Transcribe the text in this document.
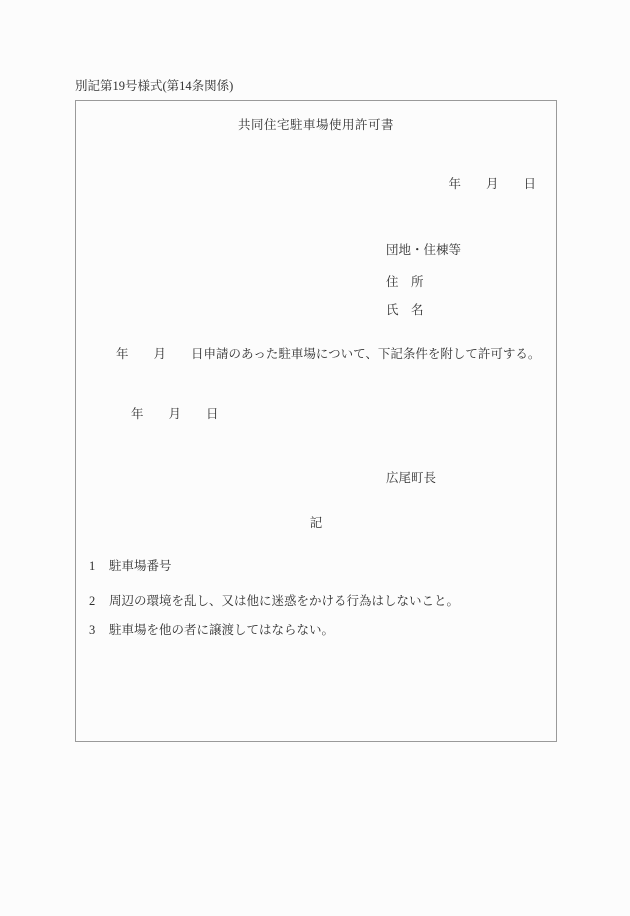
別記第19号様式(第14条関係)
共同住宅駐車場使用許可書
年　　月　　日
団地・住棟等
住　所
氏　名
年　　月　　日申請のあった駐車場について、下記条件を附して許可する。
年　　月　　日
広尾町長
記
1 駐車場番号
2 周辺の環境を乱し、又は他に迷惑をかける行為はしないこと。
3 駐車場を他の者に譲渡してはならない。
